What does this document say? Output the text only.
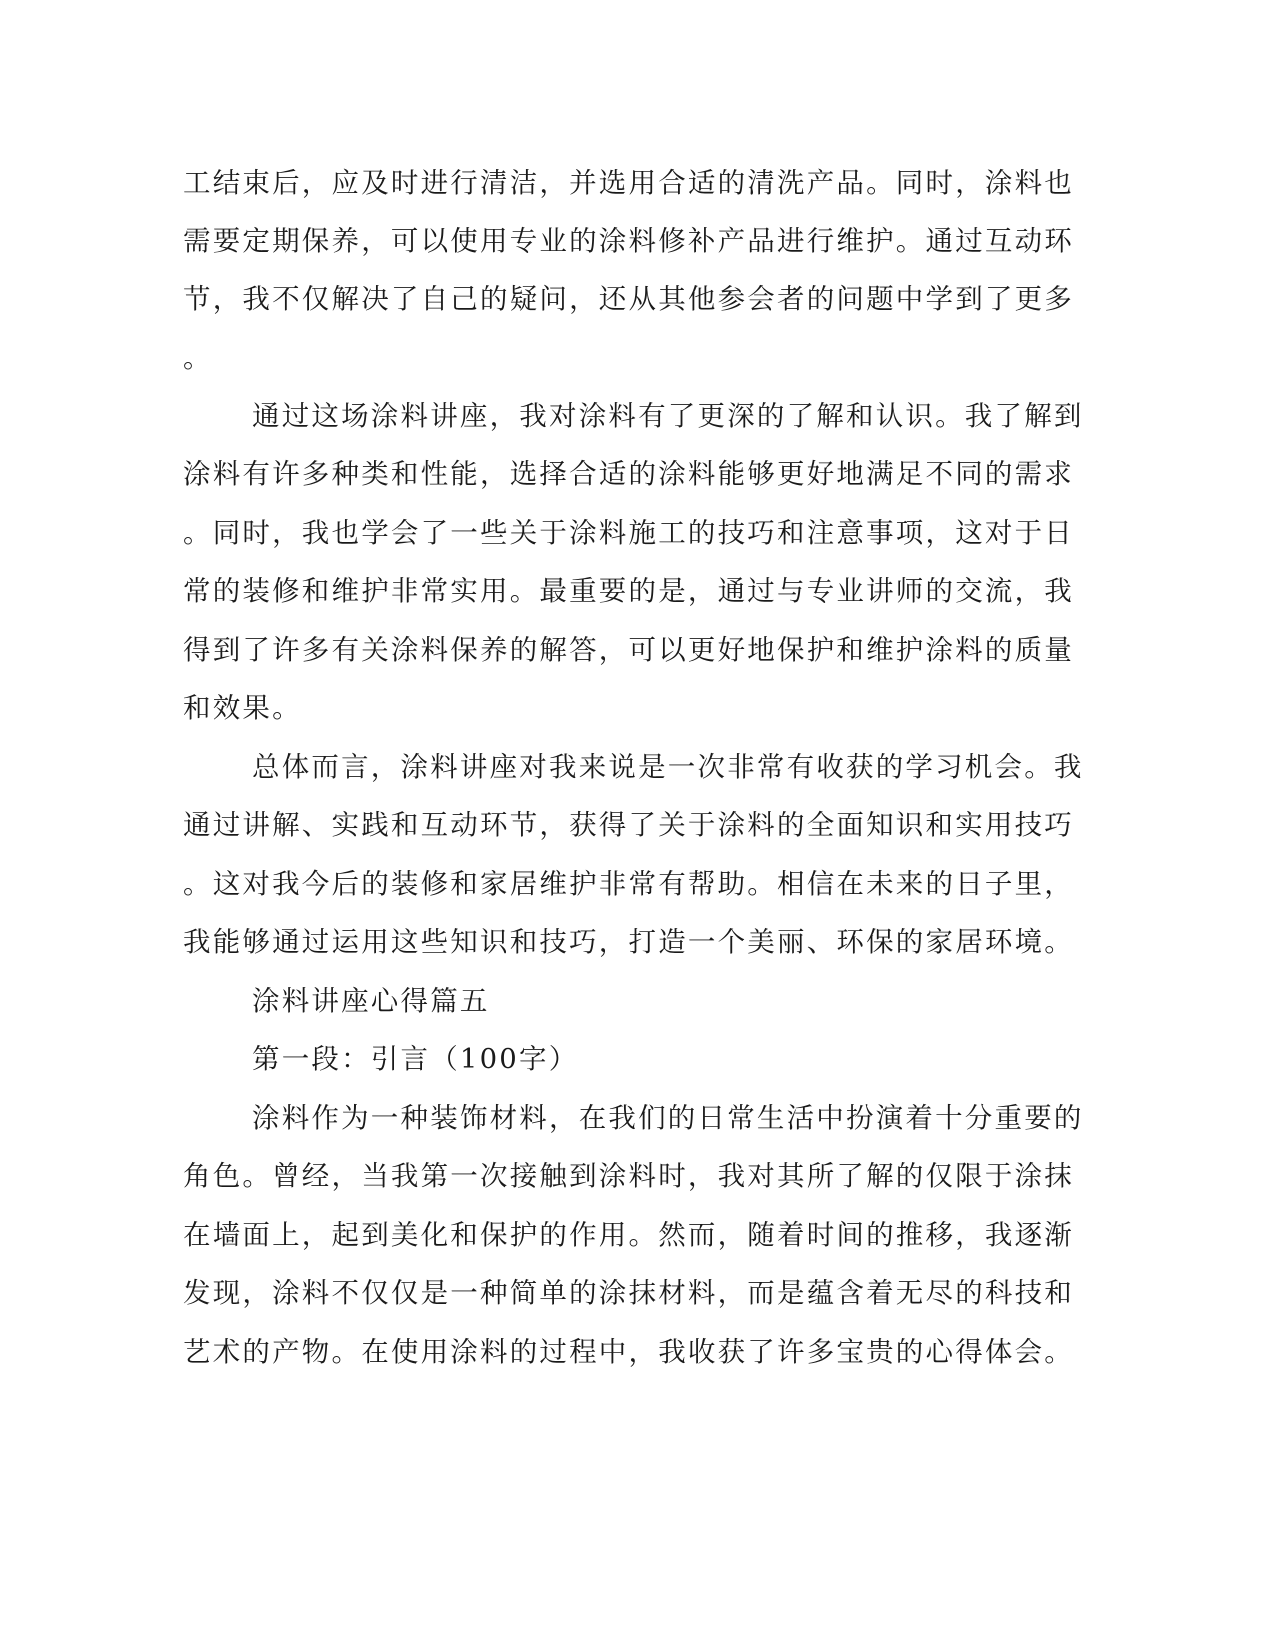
工结束后，应及时进行清洁，并选用合适的清洗产品。同时，涂料也
需要定期保养，可以使用专业的涂料修补产品进行维护。通过互动环
节，我不仅解决了自己的疑问，还从其他参会者的问题中学到了更多
。
通过这场涂料讲座，我对涂料有了更深的了解和认识。我了解到
涂料有许多种类和性能，选择合适的涂料能够更好地满足不同的需求
。同时，我也学会了一些关于涂料施工的技巧和注意事项，这对于日
常的装修和维护非常实用。最重要的是，通过与专业讲师的交流，我
得到了许多有关涂料保养的解答，可以更好地保护和维护涂料的质量
和效果。
总体而言，涂料讲座对我来说是一次非常有收获的学习机会。我
通过讲解、实践和互动环节，获得了关于涂料的全面知识和实用技巧
。这对我今后的装修和家居维护非常有帮助。相信在未来的日子里，
我能够通过运用这些知识和技巧，打造一个美丽、环保的家居环境。
涂料讲座心得篇五
第一段：引言（100字）
涂料作为一种装饰材料，在我们的日常生活中扮演着十分重要的
角色。曾经，当我第一次接触到涂料时，我对其所了解的仅限于涂抹
在墙面上，起到美化和保护的作用。然而，随着时间的推移，我逐渐
发现，涂料不仅仅是一种简单的涂抹材料，而是蕴含着无尽的科技和
艺术的产物。在使用涂料的过程中，我收获了许多宝贵的心得体会。
